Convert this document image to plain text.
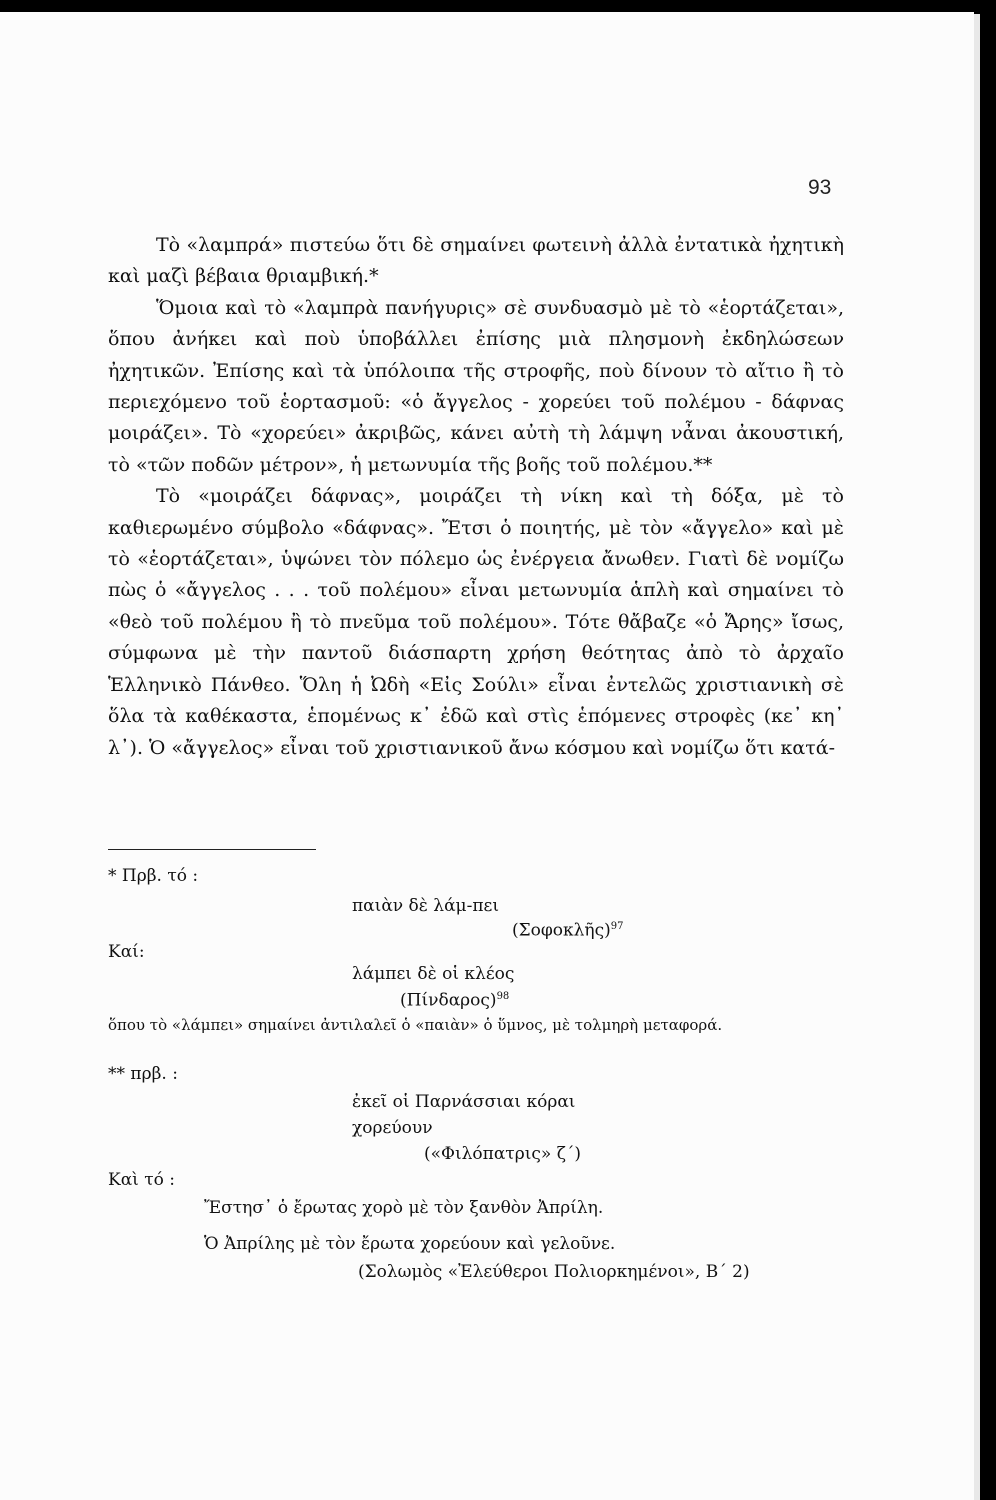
93

Τὸ «λαμπρά» πιστεύω ὅτι δὲ σημαίνει φωτεινὴ ἀλλὰ ἐντατικὰ ἠχητικὴ καὶ μαζὶ βέβαια θριαμβική.*

Ὅμοια καὶ τὸ «λαμπρὰ πανήγυρις» σὲ συνδυασμὸ μὲ τὸ «ἑορτάζεται», ὅπου ἀνήκει καὶ ποὺ ὑποβάλλει ἐπίσης μιὰ πλησμονὴ ἐκδηλώσεων ἠχητικῶν. Ἐπίσης καὶ τὰ ὑπόλοιπα τῆς στροφῆς, ποὺ δίνουν τὸ αἴτιο ἢ τὸ περιεχόμενο τοῦ ἑορτασμοῦ: «ὁ ἄγγελος - χορεύει τοῦ πολέμου - δάφνας μοιράζει». Τὸ «χορεύει» ἀκριβῶς, κάνει αὐτὴ τὴ λάμψη νἆναι ἀκουστική, τὸ «τῶν ποδῶν μέτρον», ἡ μετωνυμία τῆς βοῆς τοῦ πολέμου.**

Τὸ «μοιράζει δάφνας», μοιράζει τὴ νίκη καὶ τὴ δόξα, μὲ τὸ καθιερωμένο σύμβολο «δάφνας». Ἔτσι ὁ ποιητής, μὲ τὸν «ἄγγελο» καὶ μὲ τὸ «ἑορτάζεται», ὑψώνει τὸν πόλεμο ὡς ἐνέργεια ἄνωθεν. Γιατὶ δὲ νομίζω πὼς ὁ «ἄγγελος . . . τοῦ πολέμου» εἶναι μετωνυμία ἁπλὴ καὶ σημαίνει τὸ «θεὸ τοῦ πολέμου ἢ τὸ πνεῦμα τοῦ πολέμου». Τότε θἄβαζε «ὁ Ἄρης» ἴσως, σύμφωνα μὲ τὴν παντοῦ διάσπαρτη χρήση θεότητας ἀπὸ τὸ ἀρχαῖο Ἑλληνικὸ Πάνθεο. Ὅλη ἡ Ὠδὴ «Εἰς Σούλι» εἶναι ἐντελῶς χριστιανικὴ σὲ ὅλα τὰ καθέκαστα, ἑπομένως κ᾿ ἐδῶ καὶ στὶς ἑπόμενες στροφὲς (κε᾿ κη᾿ λ᾿). Ὁ «ἄγγελος» εἶναι τοῦ χριστιανικοῦ ἄνω κόσμου καὶ νομίζω ὅτι κατά-

* Πρβ. τό :
παιὰν δὲ λάμ-πει
(Σοφοκλῆς)$^{97}$
Καί:
λάμπει δὲ οἱ κλέος
$(\Pi ί\nu\delta\alpha\rho o\varsigma)^{98}$
ὅπου τὸ «λάμπει» σημαίνει ἀντιλαλεῖ ὁ «παιὰν» ὁ ὕμνος, μὲ τολμηρὴ μεταφορά.
** πρβ. :
ἐκεῖ οἱ Παρνάσσιαι κόραι
χορεύουν
(«Φιλόπατρις» ζ΄)
Καὶ τό :
Ἔστησ᾿ ὁ ἔρωτας χορὸ μὲ τὸν ξανθὸν Ἀπρίλη.
Ὁ Ἀπρίλης μὲ τὸν ἔρωτα χορεύουν καὶ γελοῦνε.
(Σολωμὸς «Ἐλεύθεροι Πολιορκημένοι», Β΄ 2)
